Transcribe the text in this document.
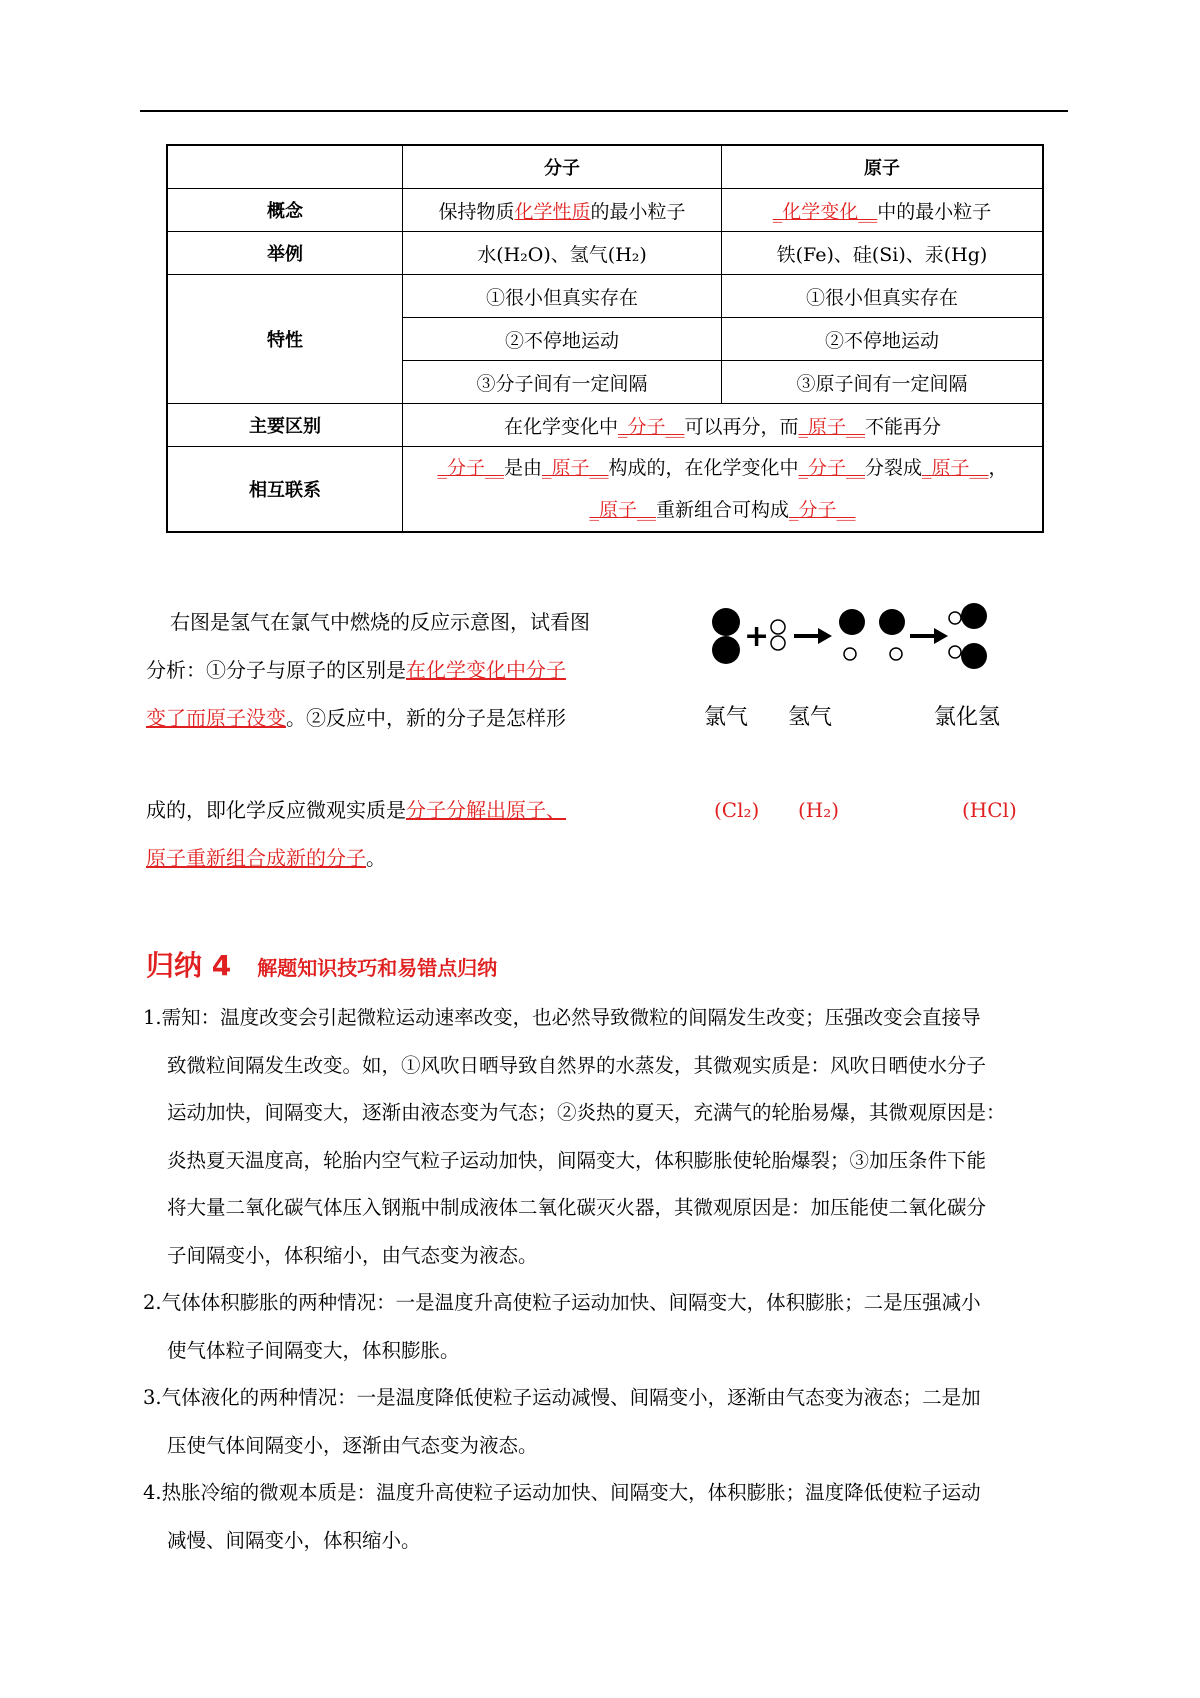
	分子	原子
概念	保持物质化学性质的最小粒子	_化学变化__中的最小粒子
举例	水(H₂O)、氢气(H₂)	铁(Fe)、硅(Si)、汞(Hg)
特性	①很小但真实存在	①很小但真实存在
	②不停地运动	②不停地运动
	③分子间有一定间隔	③原子间有一定间隔
主要区别	在化学变化中_分子__可以再分，而_原子__不能再分	
相互联系	_分子__是由_原子__构成的，在化学变化中_分子__分裂成_原子__，
_原子__重新组合可构成_分子__	
右图是氢气在氯气中燃烧的反应示意图，试看图
分析：①分子与原子的区别是在化学变化中分子
变了而原子没变。②反应中，新的分子是怎样形
成的，即化学反应微观实质是分子分解出原子、
原子重新组合成新的分子。
+
氯气 氢气	氯化氢
(Cl₂) (H₂)	(HCl)
归纳 4 解题知识技巧和易错点归纳
1.需知：温度改变会引起微粒运动速率改变，也必然导致微粒的间隔发生改变；压强改变会直接导
致微粒间隔发生改变。如，①风吹日晒导致自然界的水蒸发，其微观实质是：风吹日晒使水分子
运动加快，间隔变大，逐渐由液态变为气态；②炎热的夏天，充满气的轮胎易爆，其微观原因是：
炎热夏天温度高，轮胎内空气粒子运动加快，间隔变大，体积膨胀使轮胎爆裂；③加压条件下能
将大量二氧化碳气体压入钢瓶中制成液体二氧化碳灭火器，其微观原因是：加压能使二氧化碳分
子间隔变小，体积缩小，由气态变为液态。
2.气体体积膨胀的两种情况：一是温度升高使粒子运动加快、间隔变大，体积膨胀；二是压强减小
使气体粒子间隔变大，体积膨胀。
3.气体液化的两种情况：一是温度降低使粒子运动减慢、间隔变小，逐渐由气态变为液态；二是加
压使气体间隔变小，逐渐由气态变为液态。
4.热胀冷缩的微观本质是：温度升高使粒子运动加快、间隔变大，体积膨胀；温度降低使粒子运动
减慢、间隔变小，体积缩小。
